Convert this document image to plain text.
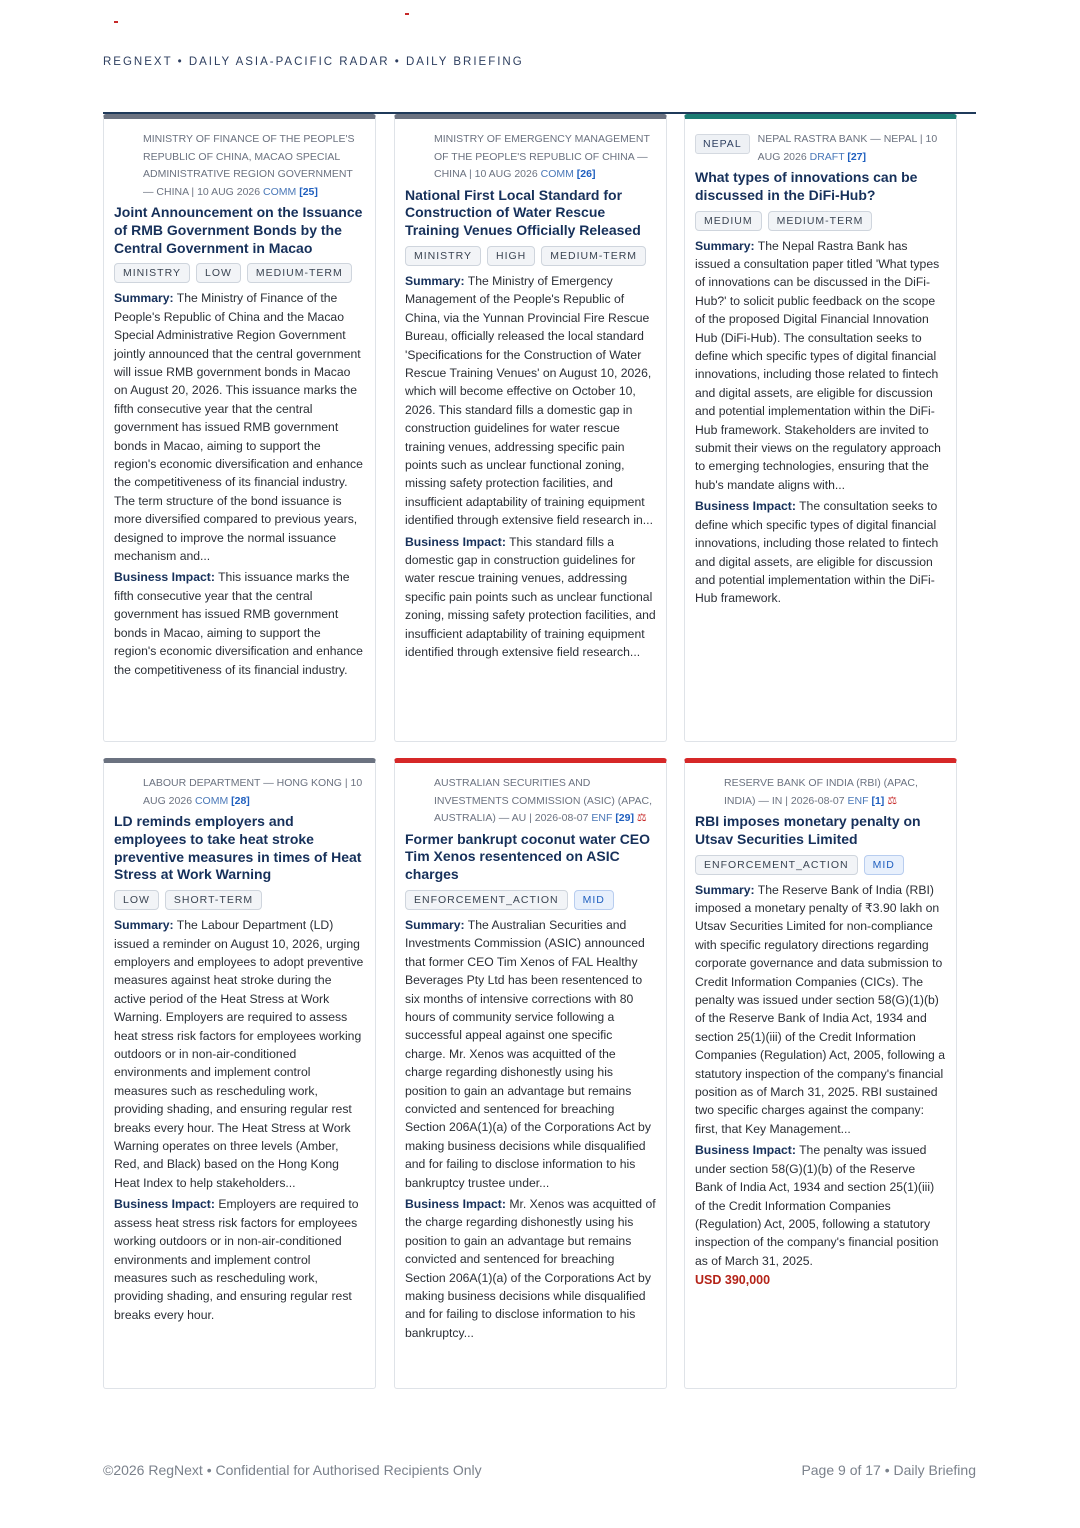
REGNEXT • DAILY ASIA-PACIFIC RADAR • DAILY BRIEFING
MINISTRY OF FINANCE OF THE PEOPLE'S REPUBLIC OF CHINA, MACAO SPECIAL ADMINISTRATIVE REGION GOVERNMENT — CHINA | 10 AUG 2026 COMM [25]
Joint Announcement on the Issuance of RMB Government Bonds by the Central Government in Macao
MINISTRY	LOW	MEDIUM-TERM

Summary: The Ministry of Finance of the People's Republic of China and the Macao Special Administrative Region Government jointly announced that the central government will issue RMB government bonds in Macao on August 20, 2026. This issuance marks the fifth consecutive year that the central government has issued RMB government bonds in Macao, aiming to support the region's economic diversification and enhance the competitiveness of its financial industry. The term structure of the bond issuance is more diversified compared to previous years, designed to improve the normal issuance mechanism and...

Business Impact: This issuance marks the fifth consecutive year that the central government has issued RMB government bonds in Macao, aiming to support the region's economic diversification and enhance the competitiveness of its financial industry.

MINISTRY OF EMERGENCY MANAGEMENT OF THE PEOPLE'S REPUBLIC OF CHINA — CHINA | 10 AUG 2026 COMM [26]
National First Local Standard for Construction of Water Rescue Training Venues Officially Released
MINISTRY	HIGH	MEDIUM-TERM

Summary: The Ministry of Emergency Management of the People's Republic of China, via the Yunnan Provincial Fire Rescue Bureau, officially released the local standard 'Specifications for the Construction of Water Rescue Training Venues' on August 10, 2026, which will become effective on October 10, 2026. This standard fills a domestic gap in construction guidelines for water rescue training venues, addressing specific pain points such as unclear functional zoning, missing safety protection facilities, and insufficient adaptability of training equipment identified through extensive field research in...

Business Impact: This standard fills a domestic gap in construction guidelines for water rescue training venues, addressing specific pain points such as unclear functional zoning, missing safety protection facilities, and insufficient adaptability of training equipment identified through extensive field research...

NEPAL	NEPAL RASTRA BANK — NEPAL | 10 AUG 2026 DRAFT [27]
What types of innovations can be discussed in the DiFi-Hub?
MEDIUM	MEDIUM-TERM

Summary: The Nepal Rastra Bank has issued a consultation paper titled 'What types of innovations can be discussed in the DiFi-Hub?' to solicit public feedback on the scope of the proposed Digital Financial Innovation Hub (DiFi-Hub). The consultation seeks to define which specific types of digital financial innovations, including those related to fintech and digital assets, are eligible for discussion and potential implementation within the DiFi-Hub framework. Stakeholders are invited to submit their views on the regulatory approach to emerging technologies, ensuring that the hub's mandate aligns with...

Business Impact: The consultation seeks to define which specific types of digital financial innovations, including those related to fintech and digital assets, are eligible for discussion and potential implementation within the DiFi-Hub framework.

LABOUR DEPARTMENT — HONG KONG | 10 AUG 2026 COMM [28]
LD reminds employers and employees to take heat stroke preventive measures in times of Heat Stress at Work Warning
LOW	SHORT-TERM

Summary: The Labour Department (LD) issued a reminder on August 10, 2026, urging employers and employees to adopt preventive measures against heat stroke during the active period of the Heat Stress at Work Warning. Employers are required to assess heat stress risk factors for employees working outdoors or in non-air-conditioned environments and implement control measures such as rescheduling work, providing shading, and ensuring regular rest breaks every hour. The Heat Stress at Work Warning operates on three levels (Amber, Red, and Black) based on the Hong Kong Heat Index to help stakeholders...

Business Impact: Employers are required to assess heat stress risk factors for employees working outdoors or in non-air-conditioned environments and implement control measures such as rescheduling work, providing shading, and ensuring regular rest breaks every hour.

AUSTRALIAN SECURITIES AND INVESTMENTS COMMISSION (ASIC) (APAC, AUSTRALIA) — AU | 2026-08-07 ENF [29] ⚖
Former bankrupt coconut water CEO Tim Xenos resentenced on ASIC charges
ENFORCEMENT_ACTION	MID

Summary: The Australian Securities and Investments Commission (ASIC) announced that former CEO Tim Xenos of FAL Healthy Beverages Pty Ltd has been resentenced to six months of intensive corrections with 80 hours of community service following a successful appeal against one specific charge. Mr. Xenos was acquitted of the charge regarding dishonestly using his position to gain an advantage but remains convicted and sentenced for breaching Section 206A(1)(a) of the Corporations Act by making business decisions while disqualified and for failing to disclose information to his bankruptcy trustee under...

Business Impact: Mr. Xenos was acquitted of the charge regarding dishonestly using his position to gain an advantage but remains convicted and sentenced for breaching Section 206A(1)(a) of the Corporations Act by making business decisions while disqualified and for failing to disclose information to his bankruptcy...

RESERVE BANK OF INDIA (RBI) (APAC, INDIA) — IN | 2026-08-07 ENF [1] ⚖
RBI imposes monetary penalty on Utsav Securities Limited
ENFORCEMENT_ACTION	MID

Summary: The Reserve Bank of India (RBI) imposed a monetary penalty of ₹3.90 lakh on Utsav Securities Limited for non-compliance with specific regulatory directions regarding corporate governance and data submission to Credit Information Companies (CICs). The penalty was issued under section 58(G)(1)(b) of the Reserve Bank of India Act, 1934 and section 25(1)(iii) of the Credit Information Companies (Regulation) Act, 2005, following a statutory inspection of the company's financial position as of March 31, 2025. RBI sustained two specific charges against the company: first, that Key Management...

Business Impact: The penalty was issued under section 58(G)(1)(b) of the Reserve Bank of India Act, 1934 and section 25(1)(iii) of the Credit Information Companies (Regulation) Act, 2005, following a statutory inspection of the company's financial position as of March 31, 2025.

USD 390,000
©2026 RegNext • Confidential for Authorised Recipients Only	Page 9 of 17 • Daily Briefing
